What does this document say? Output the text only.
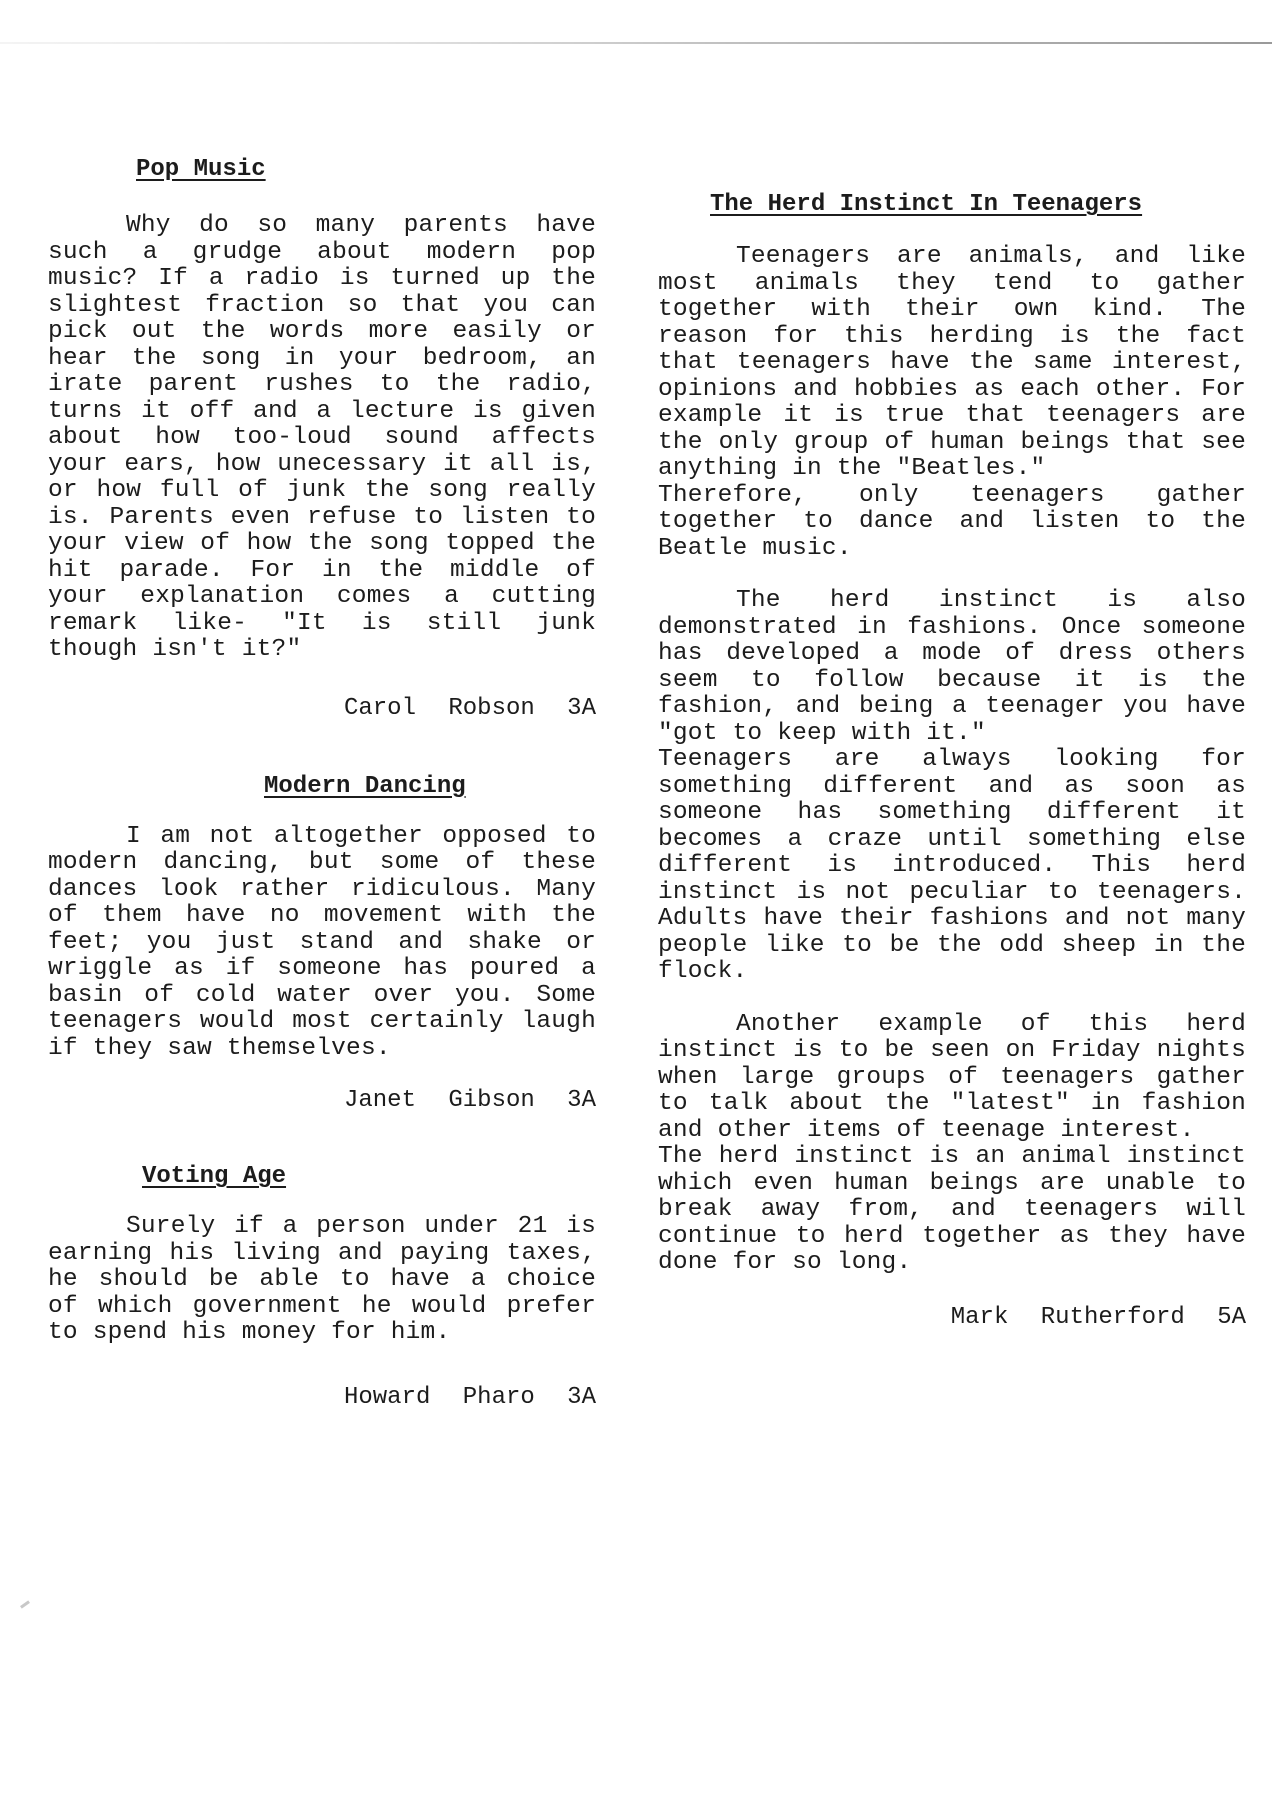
Pop Music

Why do so many parents have such a grudge about modern pop music? If a radio is turned up the slightest fraction so that you can pick out the words more easily or hear the song in your bedroom, an irate parent rushes to the radio, turns it off and a lecture is given about how too-loud sound affects your ears, how unecessary it all is, or how full of junk the song really is. Parents even refuse to listen to your view of how the song topped the hit parade. For in the middle of your explanation comes a cutting remark like- "It is still junk though isn't it?"

Carol Robson 3A

Modern Dancing

I am not altogether opposed to modern dancing, but some of these dances look rather ridiculous. Many of them have no movement with the feet; you just stand and shake or wriggle as if someone has poured a basin of cold water over you. Some teenagers would most certainly laugh if they saw themselves.

Janet Gibson 3A

Voting Age

Surely if a person under 21 is earning his living and paying taxes, he should be able to have a choice of which government he would prefer to spend his money for him.

Howard Pharo 3A

The Herd Instinct In Teenagers

Teenagers are animals, and like most animals they tend to gather together with their own kind. The reason for this herding is the fact that teenagers have the same interest, opinions and hobbies as each other. For example it is true that teenagers are the only group of human beings that see anything in the "Beatles."

Therefore, only teenagers gather together to dance and listen to the Beatle music.

The herd instinct is also demonstrated in fashions. Once someone has developed a mode of dress others seem to follow because it is the fashion, and being a teenager you have "got to keep with it."

Teenagers are always looking for something different and as soon as someone has something different it becomes a craze until something else different is introduced. This herd instinct is not peculiar to teenagers. Adults have their fashions and not many people like to be the odd sheep in the flock.

Another example of this herd instinct is to be seen on Friday nights when large groups of teenagers gather to talk about the "latest" in fashion and other items of teenage interest.

The herd instinct is an animal instinct which even human beings are unable to break away from, and teenagers will continue to herd together as they have done for so long.

Mark Rutherford 5A
